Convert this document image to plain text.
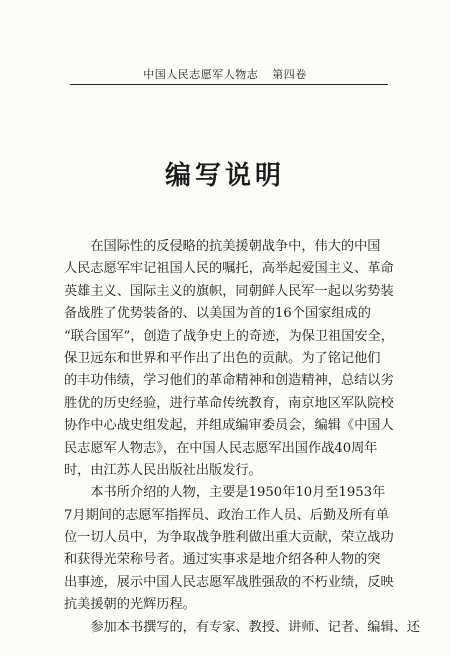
中国人民志愿军人物志 第四卷
编写说明
　　在国际性的反侵略的抗美援朝战争中，伟大的中国
人民志愿军牢记祖国人民的嘱托，高举起爱国主义、革命
英雄主义、国际主义的旗帜，同朝鲜人民军一起以劣势装
备战胜了优势装备的、以美国为首的16个国家组成的
“联合国军”，创造了战争史上的奇迹，为保卫祖国安全，
保卫远东和世界和平作出了出色的贡献。为了铭记他们
的丰功伟绩，学习他们的革命精神和创造精神，总结以劣
胜优的历史经验，进行革命传统教育，南京地区军队院校
协作中心战史组发起，并组成编审委员会，编辑《中国人
民志愿军人物志》，在中国人民志愿军出国作战40周年
时，由江苏人民出版社出版发行。
　　本书所介绍的人物，主要是1950年10月至1953年
7月期间的志愿军指挥员、政治工作人员、后勤及所有单
位一切人员中，为争取战争胜利做出重大贡献，荣立战功
和获得光荣称号者。通过实事求是地介绍各种人物的突
出事迹，展示中国人民志愿军战胜强敌的不朽业绩，反映
抗美援朝的光辉历程。
　　参加本书撰写的，有专家、教授、讲师、记者、编辑、还
